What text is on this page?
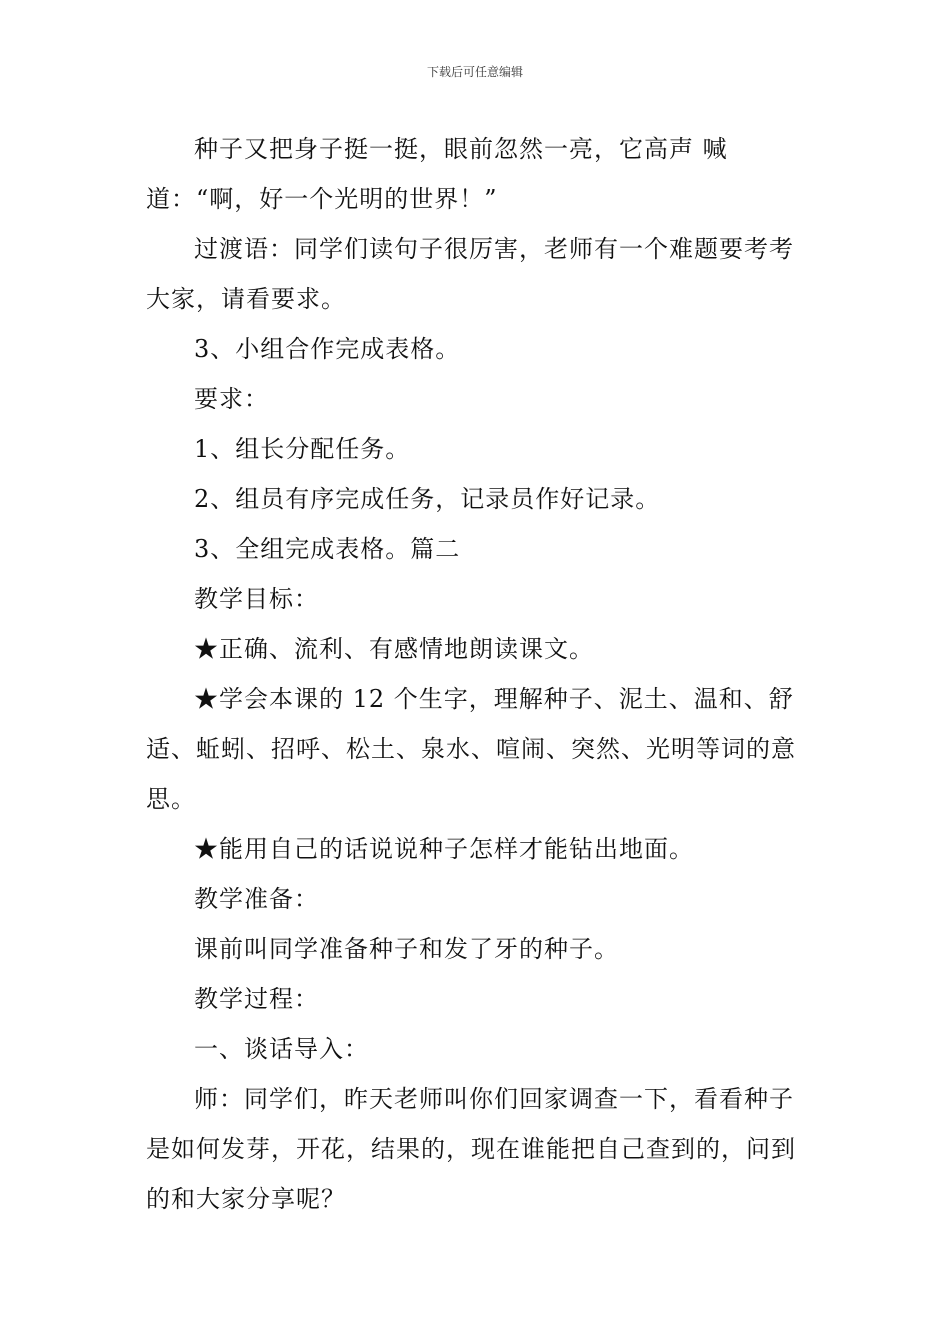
下载后可任意编辑

种子又把身子挺一挺，眼前忽然一亮，它高声 喊道：“啊，好一个光明的世界！”

过渡语：同学们读句子很厉害，老师有一个难题要考考大家，请看要求。

3、小组合作完成表格。

要求：

1、组长分配任务。

2、组员有序完成任务，记录员作好记录。

3、全组完成表格。篇二

教学目标：

★正确、流利、有感情地朗读课文。

★学会本课的 12 个生字，理解种子、泥土、温和、舒适、蚯蚓、招呼、松土、泉水、喧闹、突然、光明等词的意思。

★能用自己的话说说种子怎样才能钻出地面。

教学准备：

课前叫同学准备种子和发了牙的种子。

教学过程：

一、谈话导入：

师：同学们，昨天老师叫你们回家调查一下，看看种子是如何发芽，开花，结果的，现在谁能把自己查到的，问到的和大家分享呢？
